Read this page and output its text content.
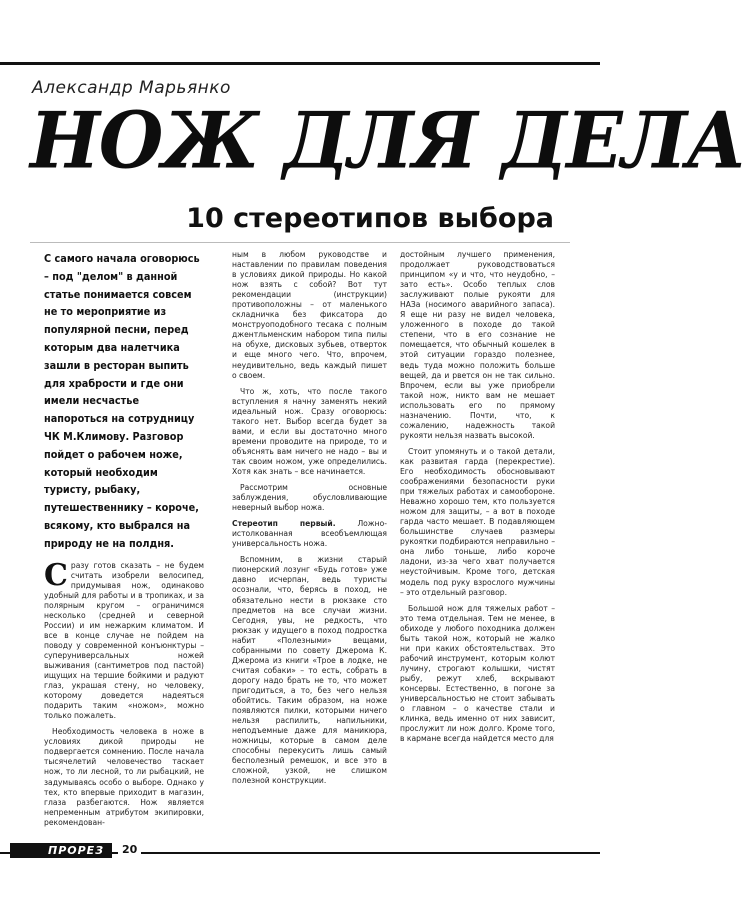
Александр Марьянко
НОЖ ДЛЯ ДЕЛА
10 стереотипов выбора

С самого начала оговорюсь – под "делом" в данной статье понимается совсем не то мероприятие из популярной песни, перед которым два налетчика зашли в ресторан выпить для храбрости и где они имели несчастье напороться на сотрудницу ЧК М.Климову. Разговор пойдет о рабочем ноже, который необходим туристу, рыбаку, путешественнику – короче, всякому, кто выбрался на природу не на полдня.

Сразу готов сказать – не будем считать изобрели велосипед, придумывая нож, одинаково удобный для работы и в тропиках, и за полярным кругом – ограничимся несколько (средней и северной России) и им нежарким климатом. И все в конце случае не пойдем на поводу у современной конъюнктуры – суперуниверсальных ножей выживания (сантиметров под пастой) ищущих на тершие бойкими и радуют глаз, украшая стену, но человеку, которому доведется надеяться подарить таким «ножом», можно только пожалеть.

Необходимость человека в ноже в условиях дикой природы не подвергается сомнению. После начала тысячелетий человечество таскает нож, то ли лесной, то ли рыбацкий, не задумываясь особо о выборе. Однако у тех, кто впервые приходит в магазин, глаза разбегаются. Нож является непременным атрибутом экипировки, рекомендован-

ным в любом руководстве и наставлении по правилам поведения в условиях дикой природы. Но какой нож взять с собой? Вот тут рекомендации (инструкции) противоположны – от маленького складничка без фиксатора до монструоподобного тесака с полным джентльменским набором типа пилы на обухе, дисковых зубьев, отверток и еще много чего. Что, впрочем, неудивительно, ведь каждый пишет о своем.

Что ж, хоть, что после такого вступления я начну заменять некий идеальный нож. Сразу оговорюсь: такого нет. Выбор всегда будет за вами, и если вы достаточно много времени проводите на природе, то и объяснять вам ничего не надо – вы и так своим ножом, уже определились. Хотя как знать – все начинается.

Рассмотрим основные заблуждения, обусловливающие неверный выбор ножа.

Стереотип первый.	Ложно-истолкованная всеобъемлющая универсальность ножа.

Вспомним, в жизни старый пионерский лозунг «Будь готов» уже давно исчерпан, ведь туристы осознали, что, берясь в поход, не обязательно нести в рюкзаке сто предметов на все случаи жизни. Сегодня, увы, не редкость, что рюкзак у идущего в поход подростка набит «Полезными» вещами, собранными по совету Джерома К. Джерома из книги «Трое в лодке, не считая собаки» – то есть, собрать в дорогу надо брать не то, что может пригодиться, а то, без чего нельзя обойтись. Таким образом, на ноже появляются пилки, которыми ничего нельзя распилить, напильники, неподъемные даже для маникюра, ножницы, которые в самом деле способны перекусить лишь самый бесполезный ремешок, и все это в сложной, узкой, не слишком полезной конструкции.

достойным лучшего применения, продолжает руководствоваться принципом «у и что, что неудобно, – зато есть». Особо теплых слов заслуживают полые рукояти для НАЗа (носимого аварийного запаса). Я еще ни разу не видел человека, уложенного в походе до такой степени, что в его сознание не помещается, что обычный кошелек в этой ситуации гораздо полезнее, ведь туда можно положить больше вещей, да и рвется он не так сильно. Впрочем, если вы уже приобрели такой нож, никто вам не мешает использовать его по прямому назначению. Почти, что, к сожалению, надежность такой рукояти нельзя назвать высокой.

Стоит упомянуть и о такой детали, как развитая гарда (перекрестие). Его необходимость обосновывают соображениями безопасности руки при тяжелых работах и самообороне. Неважно хорошо тем, кто пользуется ножом для защиты, – а вот в походе гарда часто мешает. В подавляющем большинстве случаев размеры рукоятки подбираются неправильно – она либо тоньше, либо короче ладони, из-за чего хват получается неустойчивым. Кроме того, детская модель под руку взрослого мужчины – это отдельный разговор.

Большой нож для тяжелых работ – это тема отдельная. Тем не менее, в обиходе у любого походника должен быть такой нож, который не жалко ни при каких обстоятельствах. Это рабочий инструмент, которым колют лучину, строгают колышки, чистят рыбу, режут хлеб, вскрывают консервы. Естественно, в погоне за универсальностью не стоит забывать о главном – о качестве стали и клинка, ведь именно от них зависит, прослужит ли нож долго. Кроме того, в кармане всегда найдется место для

ПРОРЕЗ	20
